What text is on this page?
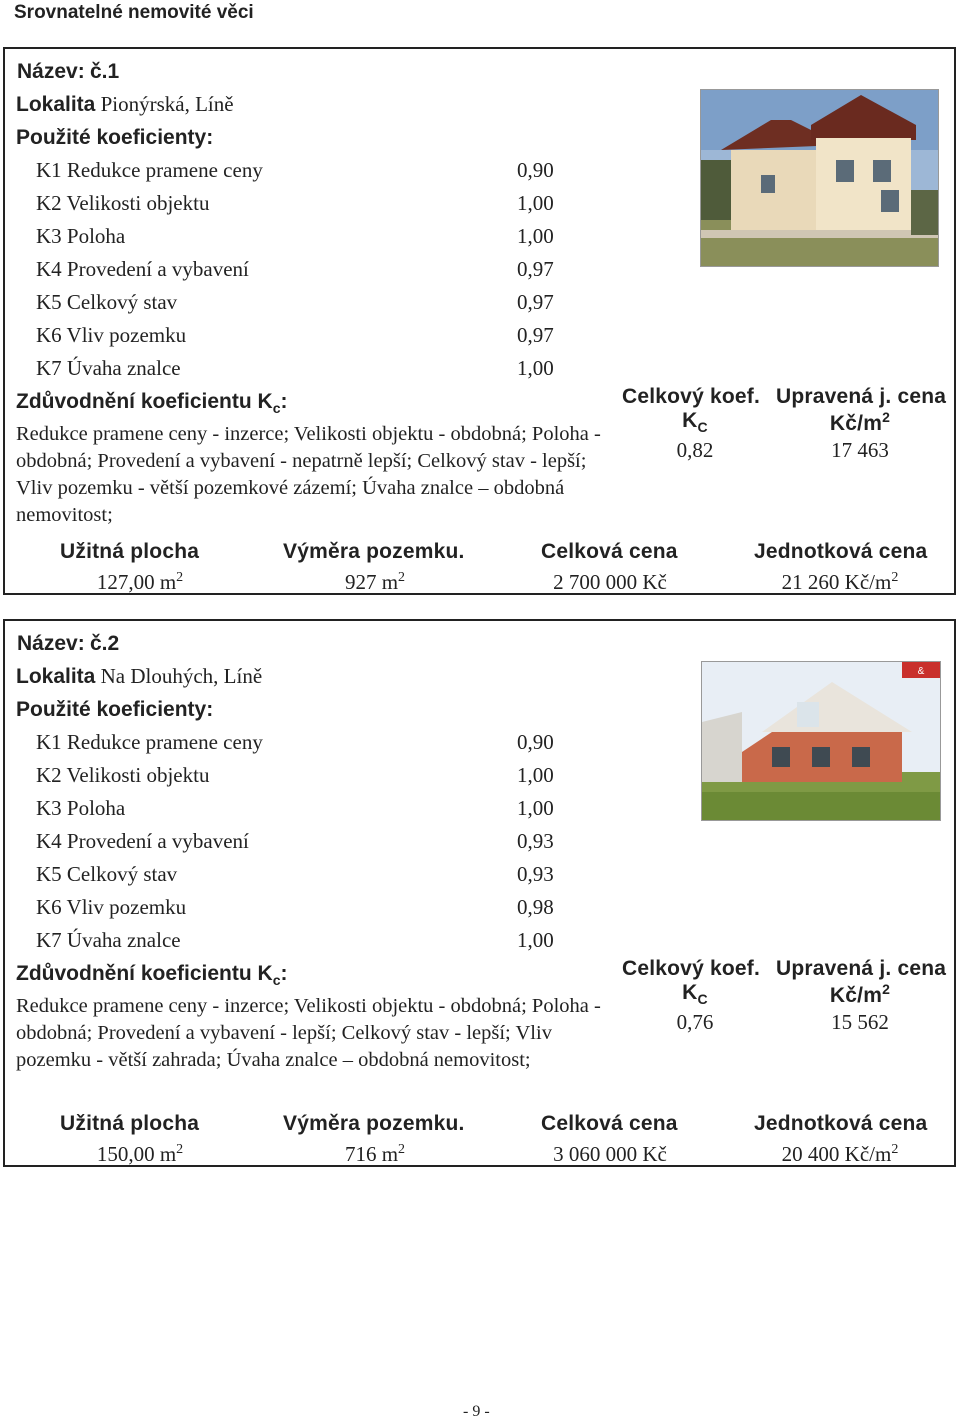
Srovnatelné nemovité věci
Název: č.1
Lokalita Pionýrská, Líně
Použité koeficienty:
K1 Redukce pramene ceny	0,90
K2 Velikosti objektu	1,00
K3 Poloha	1,00
K4 Provedení a vybavení	0,97
K5 Celkový stav	0,97
K6 Vliv pozemku	0,97
K7 Úvaha znalce	1,00
Zdůvodnění koeficientu $K_c$:
Redukce pramene ceny - inzerce; Velikosti objektu - obdobná; Poloha - obdobná; Provedení a vybavení - nepatrně lepší; Celkový stav - lepší; Vliv pozemku - větší pozemkové zázemí; Úvaha znalce – obdobná nemovitost;
Celkový koef. Upravená j. cena
$K_C$	$Kč/m^2$
0,82	17 463
Užitná plocha	Výměra pozemku.	Celková cena	Jednotková cena
127,00 $m^2$	927 $m^2$	2 700 000 Kč	21 260 $Kč/m^2$
Název: č.2
Lokalita Na Dlouhých, Líně
Použité koeficienty:
K1 Redukce pramene ceny	0,90
K2 Velikosti objektu	1,00
K3 Poloha	1,00
K4 Provedení a vybavení	0,93
K5 Celkový stav	0,93
K6 Vliv pozemku	0,98
K7 Úvaha znalce	1,00
Zdůvodnění koeficientu $K_c$:
Redukce pramene ceny - inzerce; Velikosti objektu - obdobná; Poloha - obdobná; Provedení a vybavení - lepší; Celkový stav - lepší; Vliv pozemku - větší zahrada; Úvaha znalce – obdobná nemovitost;
Celkový koef. Upravená j. cena
$K_C$	$Kč/m^2$
0,76	15 562
&
Užitná plocha	Výměra pozemku.	Celková cena	Jednotková cena
150,00 $m^2$	716 $m^2$	3 060 000 Kč	20 400 $Kč/m^2$
- 9 -
